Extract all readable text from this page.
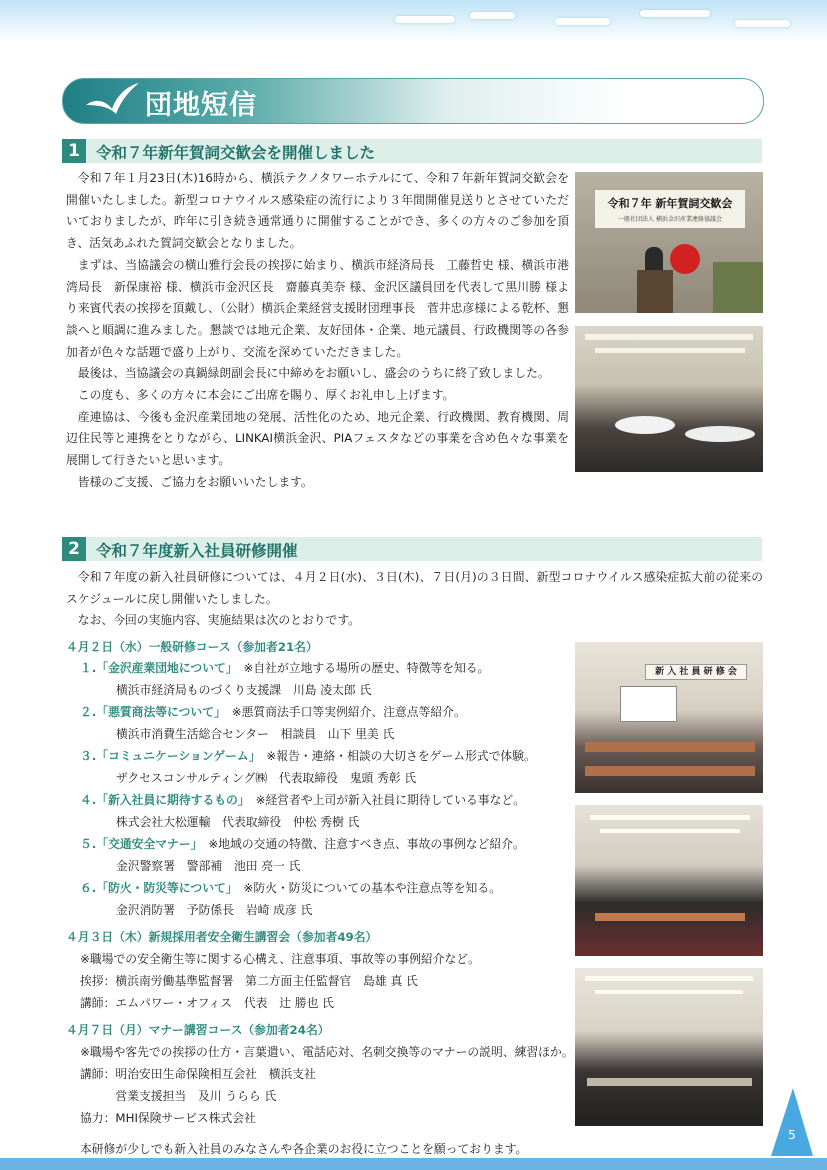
団地短信
1	令和７年新年賀詞交歓会を開催しました

令和７年１月23日(木)16時から、横浜テクノタワーホテルにて、令和７年新年賀詞交歓会を開催いたしました。新型コロナウイルス感染症の流行により３年間開催見送りとさせていただいておりましたが、昨年に引き続き通常通りに開催することができ、多くの方々のご参加を頂き、活気あふれた賀詞交歓会となりました。

まずは、当協議会の横山雅行会長の挨拶に始まり、横浜市経済局長　工藤哲史 様、横浜市港湾局長　新保康裕 様、横浜市金沢区長　齋藤真美奈 様、金沢区議員団を代表して黒川勝 様より来賓代表の挨拶を頂戴し、（公財）横浜企業経営支援財団理事長　菅井忠彦様による乾杯、懇談へと順調に進みました。懇談では地元企業、友好団体・企業、地元議員、行政機関等の各参加者が色々な話題で盛り上がり、交流を深めていただきました。

最後は、当協議会の真鍋緑朗副会長に中締めをお願いし、盛会のうちに終了致しました。

この度も、多くの方々に本会にご出席を賜り、厚くお礼申し上げます。

産連協は、今後も金沢産業団地の発展、活性化のため、地元企業、行政機関、教育機関、周辺住民等と連携をとりながら、LINKAI横浜金沢、PIAフェスタなどの事業を含め色々な事業を展開して行きたいと思います。

皆様のご支援、ご協力をお願いいたします。

令和７年 新年賀詞交歓会
一般社団法人 横浜金沢産業連絡協議会
2	令和７年度新入社員研修開催

令和７年度の新入社員研修については、４月２日(水)、３日(木)、７日(月)の３日間、新型コロナウイルス感染症拡大前の従来のスケジュールに戻し開催いたしました。

なお、今回の実施内容、実施結果は次のとおりです。

４月２日（水）一般研修コース（参加者21名）
１.「金沢産業団地について」　 ※自社が立地する場所の歴史、特徴等を知る。
横浜市経済局ものづくり支援課　川島 凌太郎 氏
２.「悪質商法等について」　 ※悪質商法手口等実例紹介、注意点等紹介。
横浜市消費生活総合センター　相談員　山下 里美 氏
３.「コミュニケーションゲーム」　 ※報告・連絡・相談の大切さをゲーム形式で体験。
ザクセスコンサルティング㈱　代表取締役　鬼頭 秀彰 氏
４.「新入社員に期待するもの」　 ※経営者や上司が新入社員に期待している事など。
株式会社大松運輸　代表取締役　仲松 秀樹 氏
５.「交通安全マナー」　 ※地域の交通の特徴、注意すべき点、事故の事例など紹介。
金沢警察署　警部補　池田 亮一 氏
６.「防火・防災等について」　 ※防火・防災についての基本や注意点等を知る。
金沢消防署　予防係長　岩崎 成彦 氏
４月３日（木）新規採用者安全衛生講習会（参加者49名）
※職場での安全衛生等に関する心構え、注意事項、事故等の事例紹介など。
挨拶：横浜南労働基準監督署　第二方面主任監督官　島雄 真 氏
講師：エムパワー・オフィス　代表　辻 勝也 氏
４月７日（月）マナー講習コース（参加者24名）
※職場や客先での挨拶の仕方・言葉遣い、電話応対、名刺交換等のマナーの説明、練習ほか。
講師：明治安田生命保険相互会社　横浜支社
　　　営業支援担当　及川 うらら 氏
協力：MHI保険サービス株式会社
本研修が少しでも新入社員のみなさんや各企業のお役に立つことを願っております。
新 入 社 員 研 修 会
5
